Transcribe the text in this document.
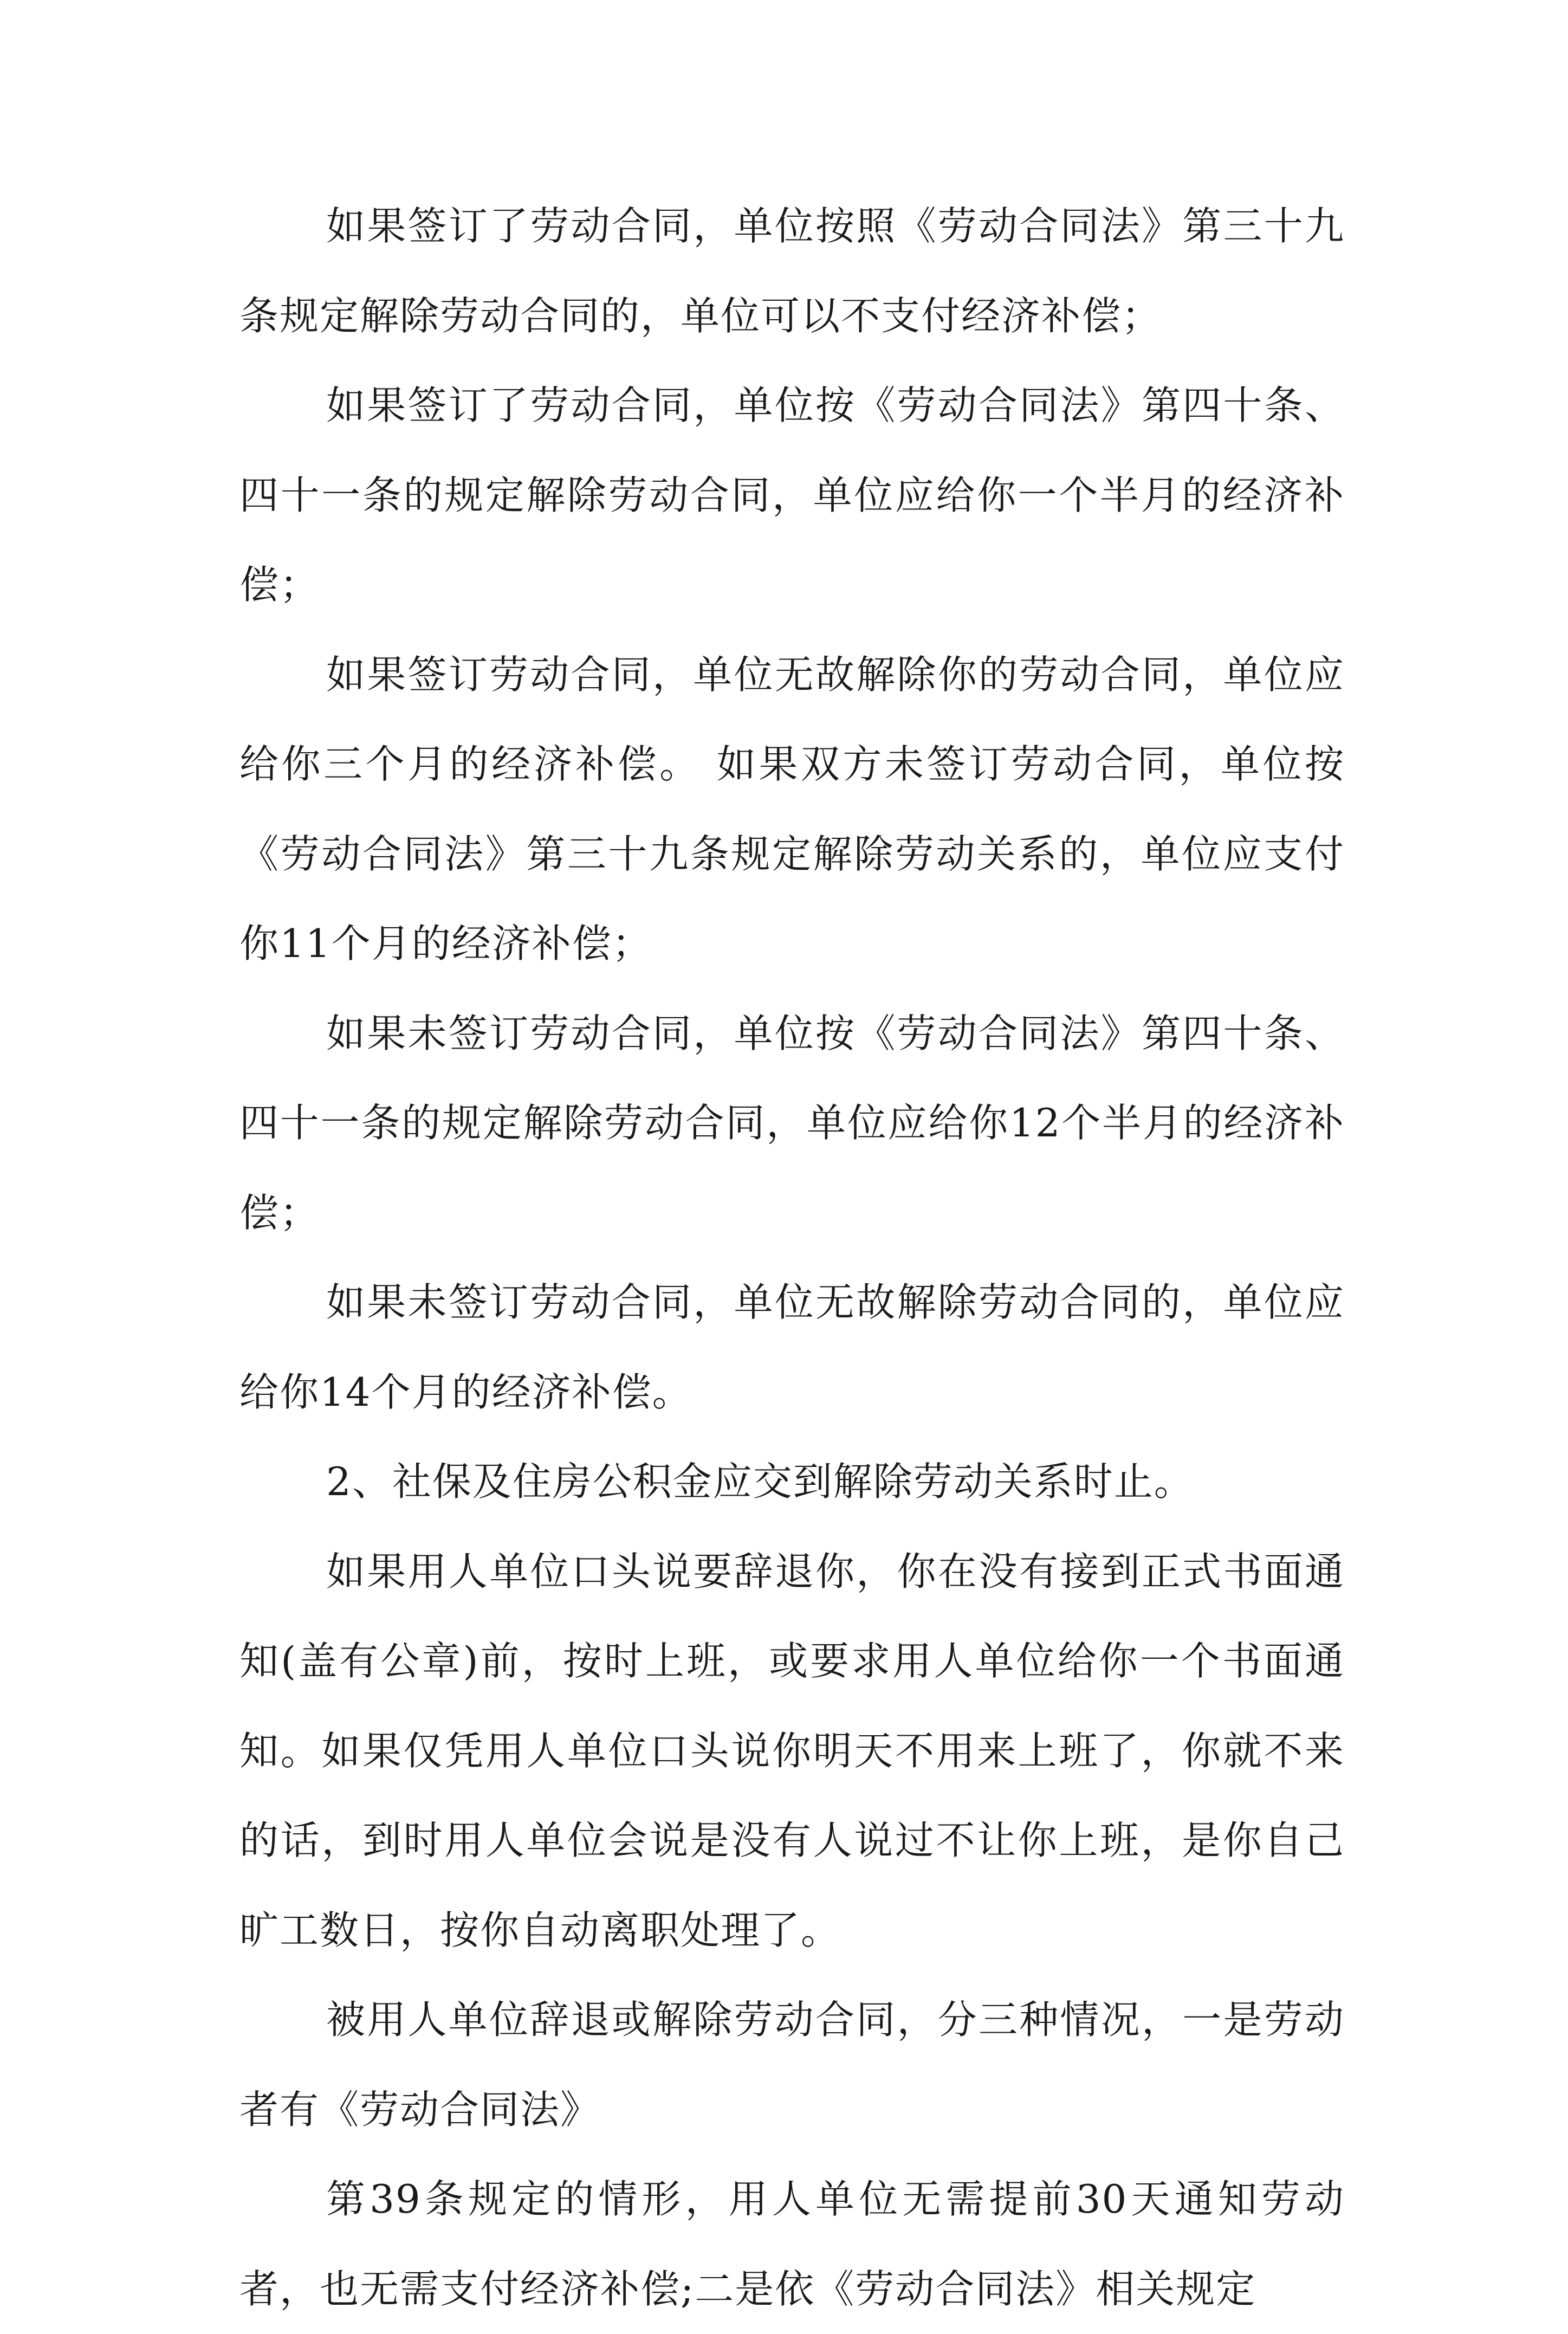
如果签订了劳动合同，单位按照《劳动合同法》第三十九条规定解除劳动合同的，单位可以不支付经济补偿；

如果签订了劳动合同，单位按《劳动合同法》第四十条、四十一条的规定解除劳动合同，单位应给你一个半月的经济补偿；

如果签订劳动合同，单位无故解除你的劳动合同，单位应给你三个月的经济补偿。 如果双方未签订劳动合同，单位按《劳动合同法》第三十九条规定解除劳动关系的，单位应支付你11个月的经济补偿；

如果未签订劳动合同，单位按《劳动合同法》第四十条、四十一条的规定解除劳动合同，单位应给你12个半月的经济补偿；

如果未签订劳动合同，单位无故解除劳动合同的，单位应给你14个月的经济补偿。

2、社保及住房公积金应交到解除劳动关系时止。

如果用人单位口头说要辞退你，你在没有接到正式书面通知(盖有公章)前，按时上班，或要求用人单位给你一个书面通知。如果仅凭用人单位口头说你明天不用来上班了，你就不来的话，到时用人单位会说是没有人说过不让你上班，是你自己旷工数日，按你自动离职处理了。

被用人单位辞退或解除劳动合同，分三种情况，一是劳动者有《劳动合同法》

第39条规定的情形，用人单位无需提前30天通知劳动者，也无需支付经济补偿;二是依《劳动合同法》相关规定
